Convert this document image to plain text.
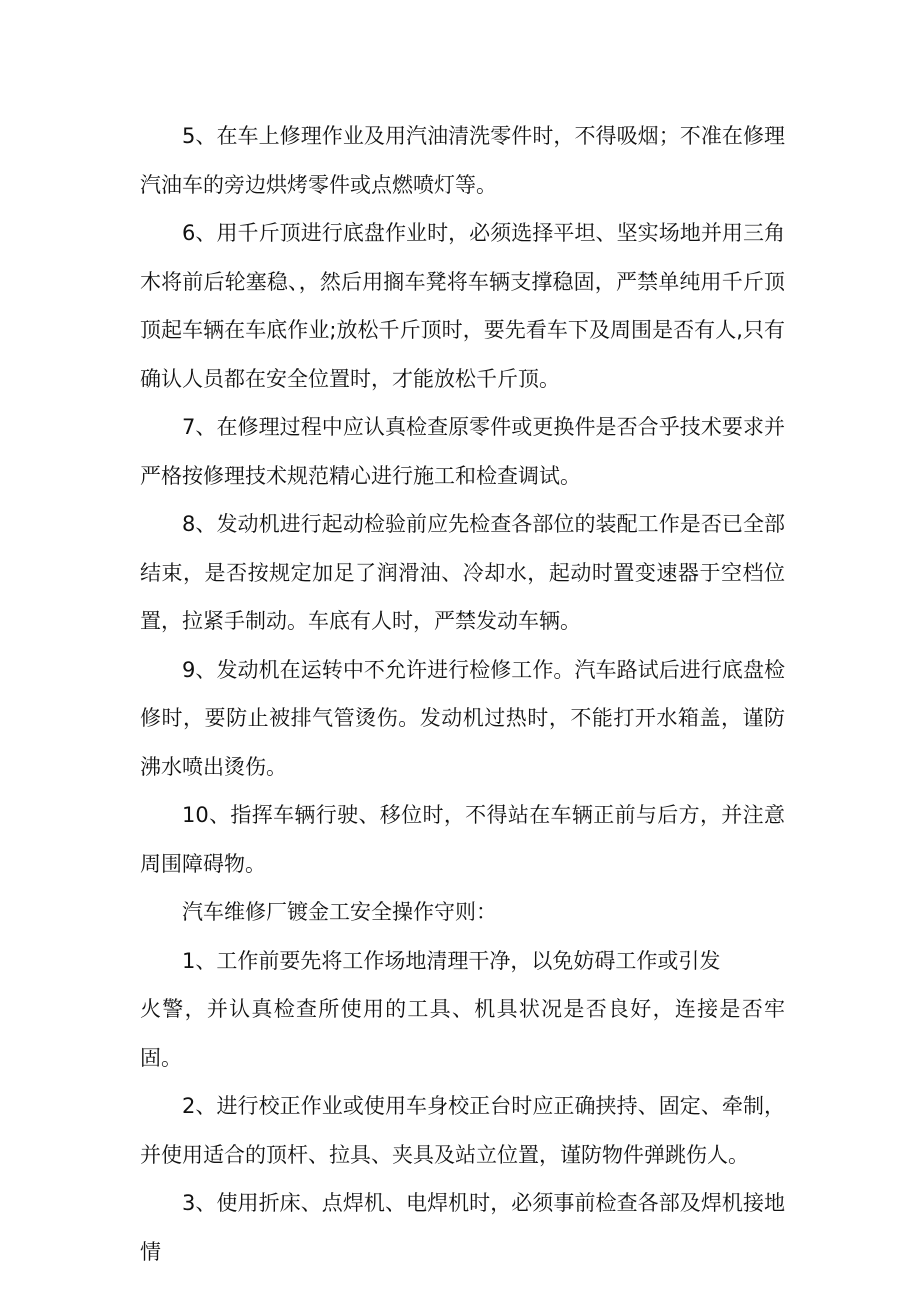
5、在车上修理作业及用汽油清洗零件时，不得吸烟；不准在修理汽油车的旁边烘烤零件或点燃喷灯等。

6、用千斤顶进行底盘作业时，必须选择平坦、坚实场地并用三角木将前后轮塞稳、，然后用搁车凳将车辆支撑稳固，严禁单纯用千斤顶顶起车辆在车底作业;放松千斤顶时，要先看车下及周围是否有人,只有确认人员都在安全位置时，才能放松千斤顶。

7、在修理过程中应认真检查原零件或更换件是否合乎技术要求并严格按修理技术规范精心进行施工和检查调试。

8、发动机进行起动检验前应先检查各部位的装配工作是否已全部结束，是否按规定加足了润滑油、冷却水，起动时置变速器于空档位置，拉紧手制动。车底有人时，严禁发动车辆。

9、发动机在运转中不允许进行检修工作。汽车路试后进行底盘检修时，要防止被排气管烫伤。发动机过热时，不能打开水箱盖，谨防沸水喷出烫伤。

10、指挥车辆行驶、移位时，不得站在车辆正前与后方，并注意周围障碍物。

汽车维修厂镀金工安全操作守则：

1、工作前要先将工作场地清理干净，以免妨碍工作或引发

火警，并认真检查所使用的工具、机具状况是否良好，连接是否牢固。

2、进行校正作业或使用车身校正台时应正确挟持、固定、牵制，并使用适合的顶杆、拉具、夹具及站立位置，谨防物件弹跳伤人。

3、使用折床、点焊机、电焊机时，必须事前检查各部及焊机接地情
